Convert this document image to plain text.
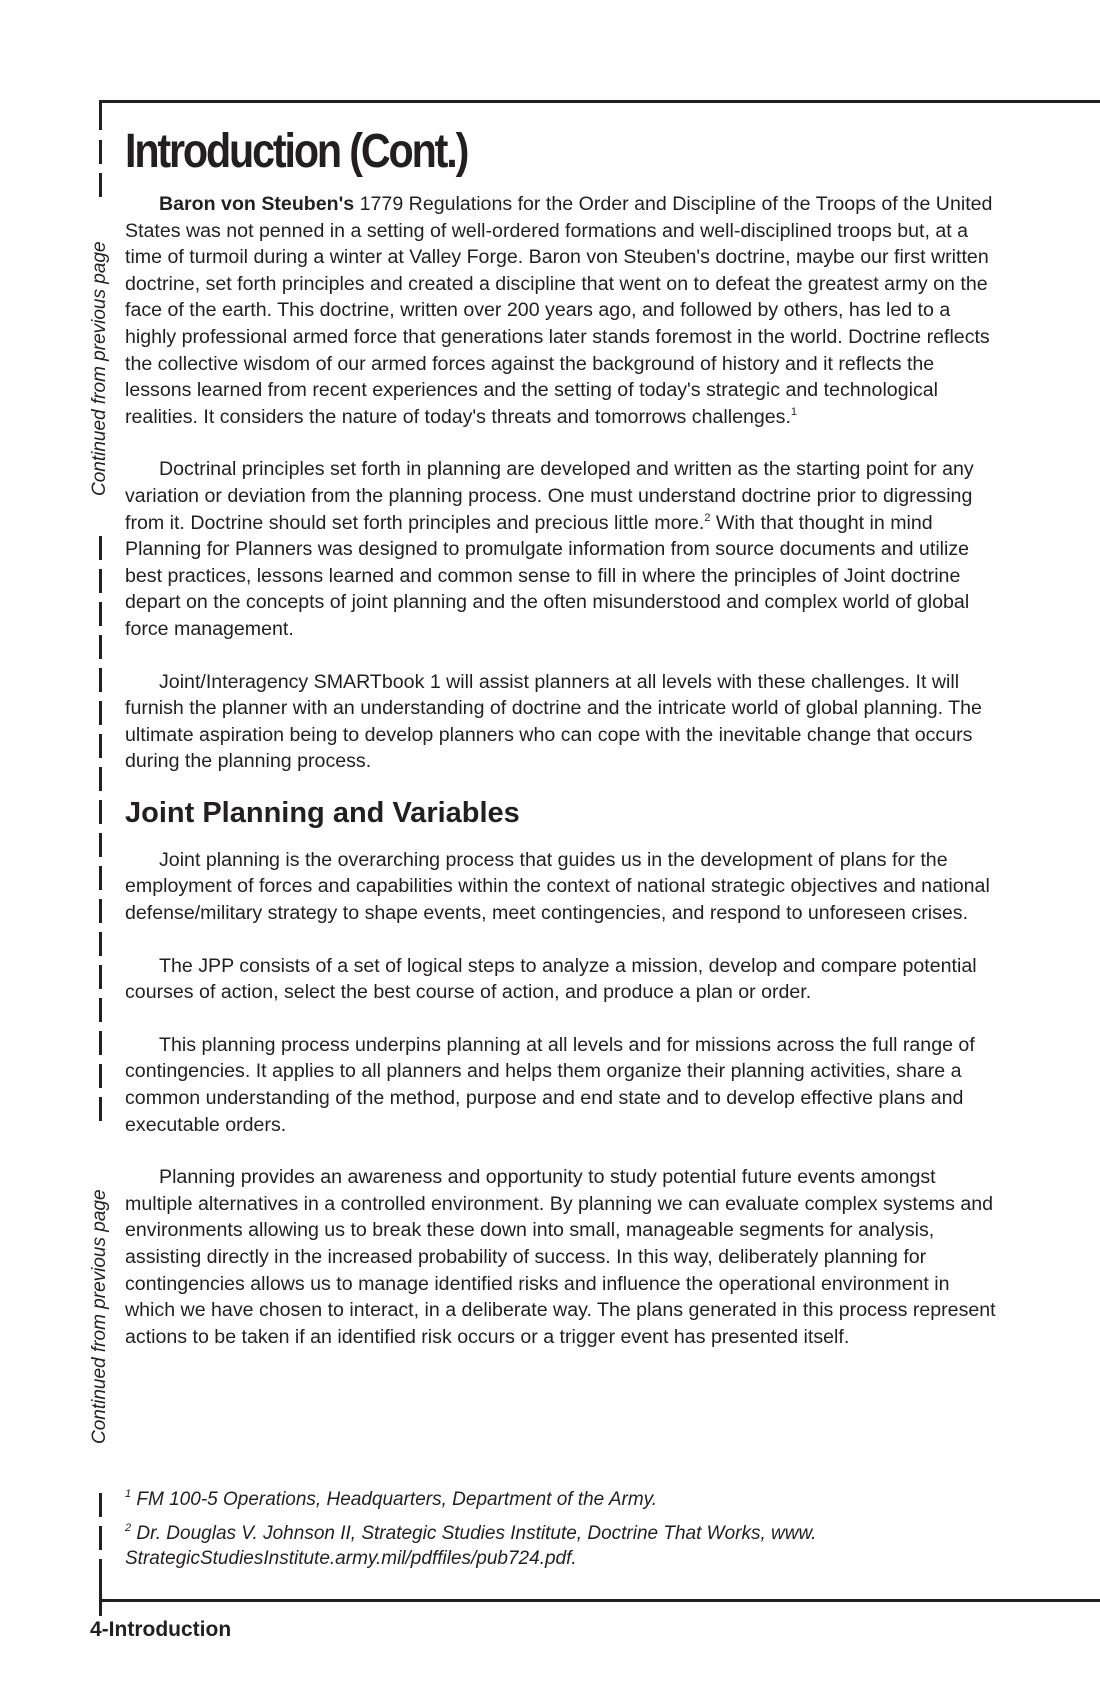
Continued from previous page
Continued from previous page
Introduction (Cont.)

Baron von Steuben's 1779 Regulations for the Order and Discipline of the Troops of the United States was not penned in a setting of well-ordered formations and well-disciplined troops but, at a time of turmoil during a winter at Valley Forge. Baron von Steuben's doctrine, maybe our first written doctrine, set forth principles and created a discipline that went on to defeat the greatest army on the face of the earth. This doctrine, written over 200 years ago, and followed by others, has led to a highly professional armed force that generations later stands foremost in the world. Doctrine reflects the collective wisdom of our armed forces against the background of history and it reflects the lessons learned from recent experiences and the setting of today's strategic and technological realities. It considers the nature of today's threats and tomorrows challenges.$^1$

Doctrinal principles set forth in planning are developed and written as the starting point for any variation or deviation from the planning process. One must understand doctrine prior to digressing from it. Doctrine should set forth principles and precious little more.$^2$ With that thought in mind Planning for Planners was designed to promulgate information from source documents and utilize best practices, lessons learned and common sense to fill in where the principles of Joint doctrine depart on the concepts of joint planning and the often misunderstood and complex world of global force management.

Joint/Interagency SMARTbook 1 will assist planners at all levels with these challenges. It will furnish the planner with an understanding of doctrine and the intricate world of global planning. The ultimate aspiration being to develop planners who can cope with the inevitable change that occurs during the planning process.

Joint Planning and Variables

Joint planning is the overarching process that guides us in the development of plans for the employment of forces and capabilities within the context of national strategic objectives and national defense/military strategy to shape events, meet contingencies, and respond to unforeseen crises.

The JPP consists of a set of logical steps to analyze a mission, develop and compare potential courses of action, select the best course of action, and produce a plan or order.

This planning process underpins planning at all levels and for missions across the full range of contingencies. It applies to all planners and helps them organize their planning activities, share a common understanding of the method, purpose and end state and to develop effective plans and executable orders.

Planning provides an awareness and opportunity to study potential future events amongst multiple alternatives in a controlled environment. By planning we can evaluate complex systems and environments allowing us to break these down into small, manageable segments for analysis, assisting directly in the increased probability of success. In this way, deliberately planning for contingencies allows us to manage identified risks and influence the operational environment in which we have chosen to interact, in a deliberate way. The plans generated in this process represent actions to be taken if an identified risk occurs or a trigger event has presented itself.

$^1$ FM 100-5 Operations, Headquarters, Department of the Army.
$^2$ Dr. Douglas V. Johnson II, Strategic Studies Institute, Doctrine That Works, www. StrategicStudiesInstitute.army.mil/pdffiles/pub724.pdf.
4-Introduction
